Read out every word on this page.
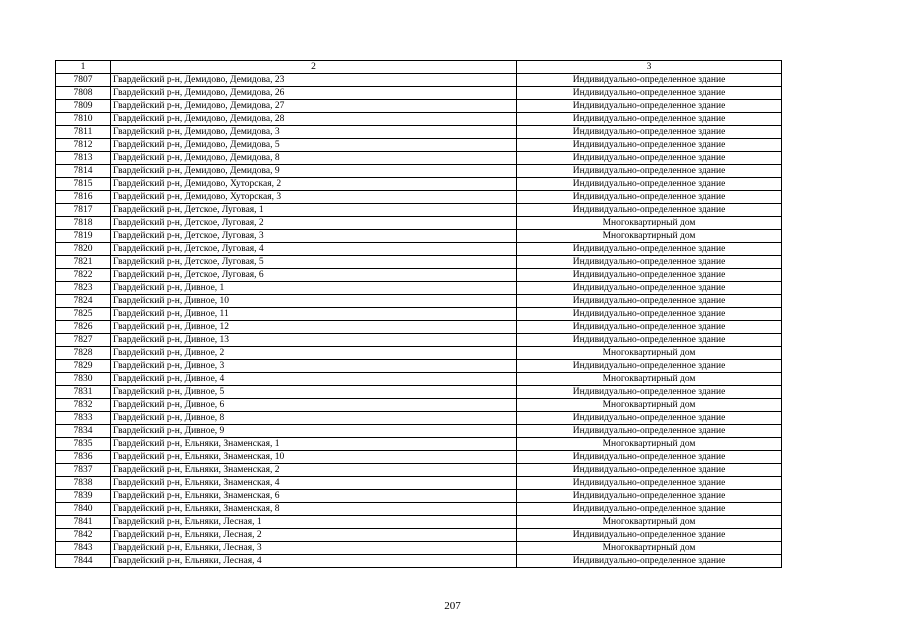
1	2	3
7807	Гвардейский р-н, Демидово, Демидова, 23	Индивидуально-определенное здание
7808	Гвардейский р-н, Демидово, Демидова, 26	Индивидуально-определенное здание
7809	Гвардейский р-н, Демидово, Демидова, 27	Индивидуально-определенное здание
7810	Гвардейский р-н, Демидово, Демидова, 28	Индивидуально-определенное здание
7811	Гвардейский р-н, Демидово, Демидова, 3	Индивидуально-определенное здание
7812	Гвардейский р-н, Демидово, Демидова, 5	Индивидуально-определенное здание
7813	Гвардейский р-н, Демидово, Демидова, 8	Индивидуально-определенное здание
7814	Гвардейский р-н, Демидово, Демидова, 9	Индивидуально-определенное здание
7815	Гвардейский р-н, Демидово, Хуторская, 2	Индивидуально-определенное здание
7816	Гвардейский р-н, Демидово, Хуторская, 3	Индивидуально-определенное здание
7817	Гвардейский р-н, Детское, Луговая, 1	Индивидуально-определенное здание
7818	Гвардейский р-н, Детское, Луговая, 2	Многоквартирный дом
7819	Гвардейский р-н, Детское, Луговая, 3	Многоквартирный дом
7820	Гвардейский р-н, Детское, Луговая, 4	Индивидуально-определенное здание
7821	Гвардейский р-н, Детское, Луговая, 5	Индивидуально-определенное здание
7822	Гвардейский р-н, Детское, Луговая, 6	Индивидуально-определенное здание
7823	Гвардейский р-н, Дивное, 1	Индивидуально-определенное здание
7824	Гвардейский р-н, Дивное, 10	Индивидуально-определенное здание
7825	Гвардейский р-н, Дивное, 11	Индивидуально-определенное здание
7826	Гвардейский р-н, Дивное, 12	Индивидуально-определенное здание
7827	Гвардейский р-н, Дивное, 13	Индивидуально-определенное здание
7828	Гвардейский р-н, Дивное, 2	Многоквартирный дом
7829	Гвардейский р-н, Дивное, 3	Индивидуально-определенное здание
7830	Гвардейский р-н, Дивное, 4	Многоквартирный дом
7831	Гвардейский р-н, Дивное, 5	Индивидуально-определенное здание
7832	Гвардейский р-н, Дивное, 6	Многоквартирный дом
7833	Гвардейский р-н, Дивное, 8	Индивидуально-определенное здание
7834	Гвардейский р-н, Дивное, 9	Индивидуально-определенное здание
7835	Гвардейский р-н, Ельняки, Знаменская, 1	Многоквартирный дом
7836	Гвардейский р-н, Ельняки, Знаменская, 10	Индивидуально-определенное здание
7837	Гвардейский р-н, Ельняки, Знаменская, 2	Индивидуально-определенное здание
7838	Гвардейский р-н, Ельняки, Знаменская, 4	Индивидуально-определенное здание
7839	Гвардейский р-н, Ельняки, Знаменская, 6	Индивидуально-определенное здание
7840	Гвардейский р-н, Ельняки, Знаменская, 8	Индивидуально-определенное здание
7841	Гвардейский р-н, Ельняки, Лесная, 1	Многоквартирный дом
7842	Гвардейский р-н, Ельняки, Лесная, 2	Индивидуально-определенное здание
7843	Гвардейский р-н, Ельняки, Лесная, 3	Многоквартирный дом
7844	Гвардейский р-н, Ельняки, Лесная, 4	Индивидуально-определенное здание
207
